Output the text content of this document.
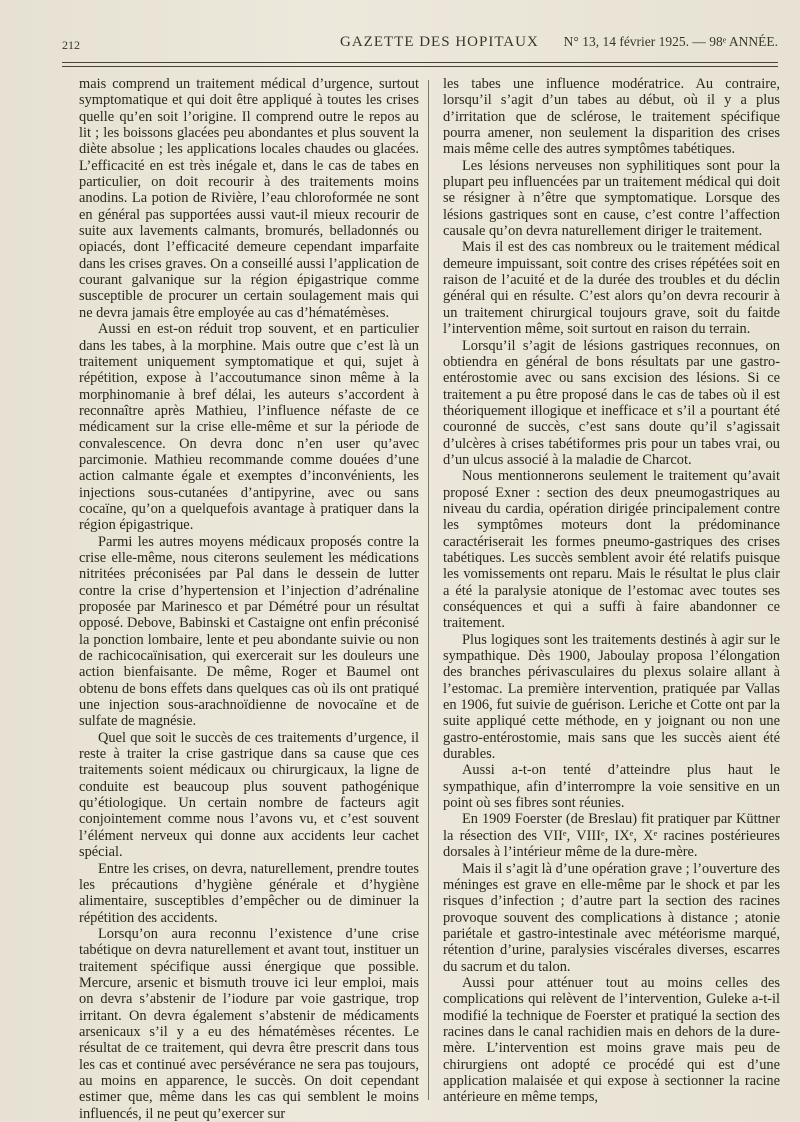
212	GAZETTE DES HOPITAUX N° 13, 14 février 1925. — 98ᵉ ANNÉE.

mais comprend un traitement médical d’urgence, surtout symptomatique et qui doit être appliqué à toutes les crises quelle qu’en soit l’origine. Il comprend outre le repos au lit ; les boissons glacées peu abondantes et plus souvent la diète absolue ; les applications locales chaudes ou glacées. L’efficacité en est très inégale et, dans le cas de tabes en particulier, on doit recourir à des traitements moins anodins. La potion de Rivière, l’eau chloroformée ne sont en général pas supportées aussi vaut-il mieux recourir de suite aux lavements calmants, bromurés, belladonnés ou opiacés, dont l’efficacité demeure cependant imparfaite dans les crises graves. On a conseillé aussi l’application de courant galvanique sur la région épigastrique comme susceptible de procurer un certain soulagement mais qui ne devra jamais être employée au cas d’hématémèses.

Aussi en est-on réduit trop souvent, et en particulier dans les tabes, à la morphine. Mais outre que c’est là un traitement uniquement symptomatique et qui, sujet à répétition, expose à l’accoutumance sinon même à la morphinomanie à bref délai, les auteurs s’accordent à reconnaître après Mathieu, l’influence néfaste de ce médicament sur la crise elle-même et sur la période de convalescence. On devra donc n’en user qu’avec parcimonie. Mathieu recommande comme douées d’une action calmante égale et exemptes d’inconvénients, les injections sous-cutanées d’antipyrine, avec ou sans cocaïne, qu’on a quelquefois avantage à pratiquer dans la région épigastrique.

Parmi les autres moyens médicaux proposés contre la crise elle-même, nous citerons seulement les médications nitritées préconisées par Pal dans le dessein de lutter contre la crise d’hypertension et l’injection d’adrénaline proposée par Marinesco et par Démétré pour un résultat opposé. Debove, Babinski et Castaigne ont enfin préconisé la ponction lombaire, lente et peu abondante suivie ou non de rachicocaïnisation, qui exercerait sur les douleurs une action bienfaisante. De même, Roger et Baumel ont obtenu de bons effets dans quelques cas où ils ont pratiqué une injection sous-arachnoïdienne de novocaïne et de sulfate de magnésie.

Quel que soit le succès de ces traitements d’urgence, il reste à traiter la crise gastrique dans sa cause que ces traitements soient médicaux ou chirurgicaux, la ligne de conduite est beaucoup plus souvent pathogénique qu’étiologique. Un certain nombre de facteurs agit conjointement comme nous l’avons vu, et c’est souvent l’élément nerveux qui donne aux accidents leur cachet spécial.

Entre les crises, on devra, naturellement, prendre toutes les précautions d’hygiène générale et d’hygiène alimentaire, susceptibles d’empêcher ou de diminuer la répétition des accidents.

Lorsqu’on aura reconnu l’existence d’une crise tabétique on devra naturellement et avant tout, instituer un traitement spécifique aussi énergique que possible. Mercure, arsenic et bismuth trouve ici leur emploi, mais on devra s’abstenir de l’iodure par voie gastrique, trop irritant. On devra également s’abstenir de médicaments arsenicaux s’il y a eu des hématémèses récentes. Le résultat de ce traitement, qui devra être prescrit dans tous les cas et continué avec persévérance ne sera pas toujours, au moins en apparence, le succès. On doit cependant estimer que, même dans les cas qui semblent le moins influencés, il ne peut qu’exercer sur

les tabes une influence modératrice. Au contraire, lorsqu’il s’agit d’un tabes au début, où il y a plus d’irritation que de sclérose, le traitement spécifique pourra amener, non seulement la disparition des crises mais même celle des autres symptômes tabétiques.

Les lésions nerveuses non syphilitiques sont pour la plupart peu influencées par un traitement médical qui doit se résigner à n’être que symptomatique. Lorsque des lésions gastriques sont en cause, c’est contre l’affection causale qu’on devra naturellement diriger le traitement.

Mais il est des cas nombreux ou le traitement médical demeure impuissant, soit contre des crises répétées soit en raison de l’acuité et de la durée des troubles et du déclin général qui en résulte. C’est alors qu’on devra recourir à un traitement chirurgical toujours grave, soit du faitde l’intervention même, soit surtout en raison du terrain.

Lorsqu’il s’agit de lésions gastriques reconnues, on obtiendra en général de bons résultats par une gastro-entérostomie avec ou sans excision des lésions. Si ce traitement a pu être proposé dans le cas de tabes où il est théoriquement illogique et inefficace et s’il a pourtant été couronné de succès, c’est sans doute qu’il s’agissait d’ulcères à crises tabétiformes pris pour un tabes vrai, ou d’un ulcus associé à la maladie de Charcot.

Nous mentionnerons seulement le traitement qu’avait proposé Exner : section des deux pneumogastriques au niveau du cardia, opération dirigée principalement contre les symptômes moteurs dont la prédominance caractériserait les formes pneumo-gastriques des crises tabétiques. Les succès semblent avoir été relatifs puisque les vomissements ont reparu. Mais le résultat le plus clair a été la paralysie atonique de l’estomac avec toutes ses conséquences et qui a suffi à faire abandonner ce traitement.

Plus logiques sont les traitements destinés à agir sur le sympathique. Dès 1900, Jaboulay proposa l’élongation des branches périvasculaires du plexus solaire allant à l’estomac. La première intervention, pratiquée par Vallas en 1906, fut suivie de guérison. Leriche et Cotte ont par la suite appliqué cette méthode, en y joignant ou non une gastro-entérostomie, mais sans que les succès aient été durables.

Aussi a-t-on tenté d’atteindre plus haut le sympathique, afin d’interrompre la voie sensitive en un point où ses fibres sont réunies.

En 1909 Foerster (de Breslau) fit pratiquer par Küttner la résection des VIIᵉ, VIIIᵉ, IXᵉ, Xᵉ racines postérieures dorsales à l’intérieur même de la dure-mère.

Mais il s’agit là d’une opération grave ; l’ouverture des méninges est grave en elle-même par le shock et par les risques d’infection ; d’autre part la section des racines provoque souvent des complications à distance ; atonie pariétale et gastro-intestinale avec météorisme marqué, rétention d’urine, paralysies viscérales diverses, escarres du sacrum et du talon.

Aussi pour atténuer tout au moins celles des complications qui relèvent de l’intervention, Guleke a-t-il modifié la technique de Foerster et pratiqué la section des racines dans le canal rachidien mais en dehors de la dure-mère. L’intervention est moins grave mais peu de chirurgiens ont adopté ce procédé qui est d’une application malaisée et qui expose à sectionner la racine antérieure en même temps,
